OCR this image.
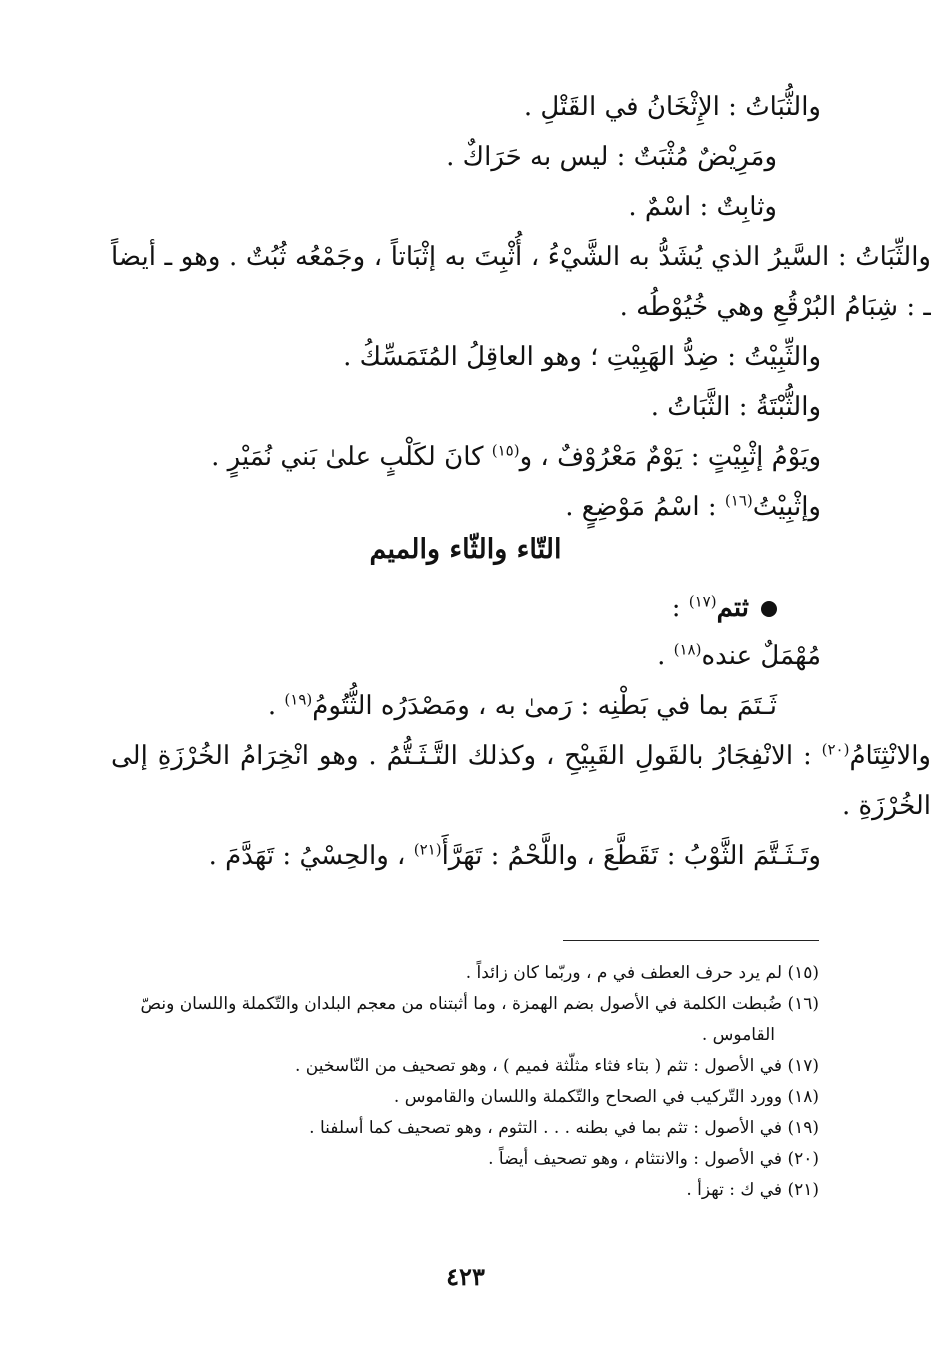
والثُّبَاتُ : الإِثْخَانُ في القَتْلِ .
ومَرِيْضٌ مُثْبَتٌ : ليس به حَرَاكٌ .
وثابِتٌ : اسْمٌ .
والثِّبَاتُ : السَّيرُ الذي يُشَدُّ به الشَّيْءُ ، أُثْبِتَ به إثْبَاتاً ، وجَمْعُه ثُبُتٌ . وهو ـ أيضاً ـ : شِبَامُ البُرْقُعِ وهي خُيُوْطُه .
والثِّبِيْتُ : ضِدُّ الهَبِيْتِ ؛ وهو العاقِلُ المُتَمَسِّكُ .
والثُّبْتَةُ : الثَّبَاتُ .
ويَوْمُ إثْبِيْتٍ : يَوْمٌ مَعْرُوْفٌ ، و$^{(١٥)}$ كانَ لكَلْبٍ علىٰ بَني نُمَيْرٍ .
وإثْبِيْتُ$^{(١٦)}$ : اسْمُ مَوْضِعٍ .
التّاء والثّاء والميم
ثتم$^{(١٧)}$ :
مُهْمَلٌ عنده$^{(١٨)}$ .
ثَـتَمَ بما في بَطْنِه : رَمىٰ به ، ومَصْدَرُه الثُّتُومُ$^{(١٩)}$ .
والانْثِتَامُ$^{(٢٠)}$ : الانْفِجَارُ بالقَولِ القَبِيْحِ ، وكذلك التَّـثَـتُّمُ . وهو انْخِرَامُ الخُرْزَةِ إلى الخُرْزَةِ .
وتَـثَـتَّمَ الثَّوْبُ : تَقَطَّعَ ، واللَّحْمُ : تَهَرَّأَ$^{(٢١)}$ ، والحِسْيُ : تَهَدَّمَ .
(١٥) لم يرد حرف العطف في م ، وربّما كان زائداً .
(١٦) ضُبطت الكلمة في الأصول بضم الهمزة ، وما أثبتناه من معجم البلدان والتّكملة واللسان ونصّ
القاموس .
(١٧) في الأصول : تثم ( بتاء فثاء مثلّثة فميم ) ، وهو تصحيف من النّاسخين .
(١٨) وورد التّركيب في الصحاح والتّكملة واللسان والقاموس .
(١٩) في الأصول : تثم بما في بطنه . . . التثوم ، وهو تصحيف كما أسلفنا .
(٢٠) في الأصول : والانتثام ، وهو تصحيف أيضاً .
(٢١) في ك : تهزأ .
٤٢٣
